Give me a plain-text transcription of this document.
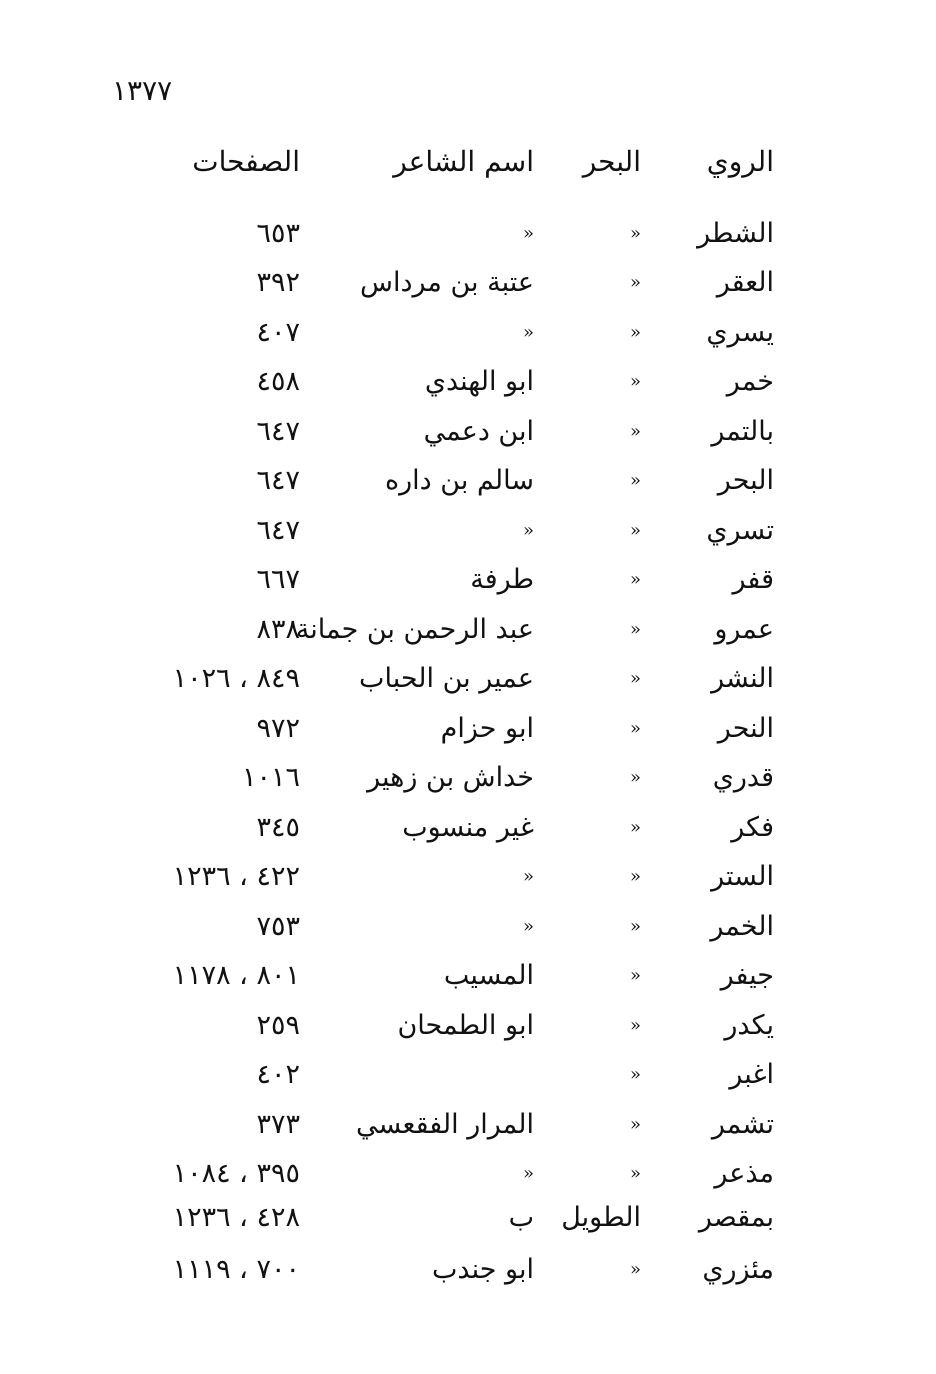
١٣٧٧
الروي
البحر
اسم الشاعر
الصفحات
الشطر
«
«
٦٥٣
العقر
«
عتبة بن مرداس
٣٩٢
يسري
«
«
٤٠٧
خمر
«
ابو الهندي
٤٥٨
بالتمر
«
ابن دعمي
٦٤٧
البحر
«
سالم بن داره
٦٤٧
تسري
«
«
٦٤٧
قفر
«
طرفة
٦٦٧
عمرو
«
عبد الرحمن بن جمانة
٨٣٨
النشر
«
عمير بن الحباب
٨٤٩ ، ١٠٢٦
النحر
«
ابو حزام
٩٧٢
قدري
«
خداش بن زهير
١٠١٦
فكر
«
غير منسوب
٣٤٥
الستر
«
«
٤٢٢ ، ١٢٣٦
الخمر
«
«
٧٥٣
جيفر
«
المسيب
٨٠١ ، ١١٧٨
يكدر
«
ابو الطمحان
٢٥٩
اغبر
«
٤٠٢
تشمر
«
المرار الفقعسي
٣٧٣
مذعر
«
«
٣٩٥ ، ١٠٨٤
بمقصر
الطويل
ب
٤٢٨ ، ١٢٣٦
مئزري
«
ابو جندب
٧٠٠ ، ١١١٩
